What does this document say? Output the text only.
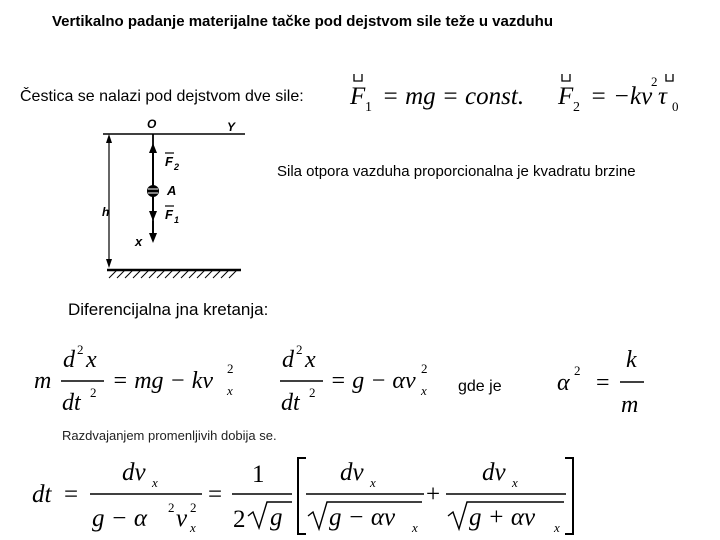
Vertikalno padanje materijalne tačke pod dejstvom sile teže u vazduhu
Čestica se nalazi pod dejstvom dve sile:
Sila otpora vazduha proporcionalna je kvadratu brzine
Diferencijalna jna kretanja:
gde je
Razdvajanjem promenljivih dobija se.
F 1 = mg = const. F 2 = −kv
2
τ 0
O	Y
F 2
A
F 1
x
h
m
d 2 x
dt 2 = mg − kv 2
x
d 2 x
dt 2 = g − αv 2
x	α 2 =
k
m
dt =
dv x
g − α 2 v 2
x
=
1
2 g
dv x
g − αv x
+
dv x
g + αv x
